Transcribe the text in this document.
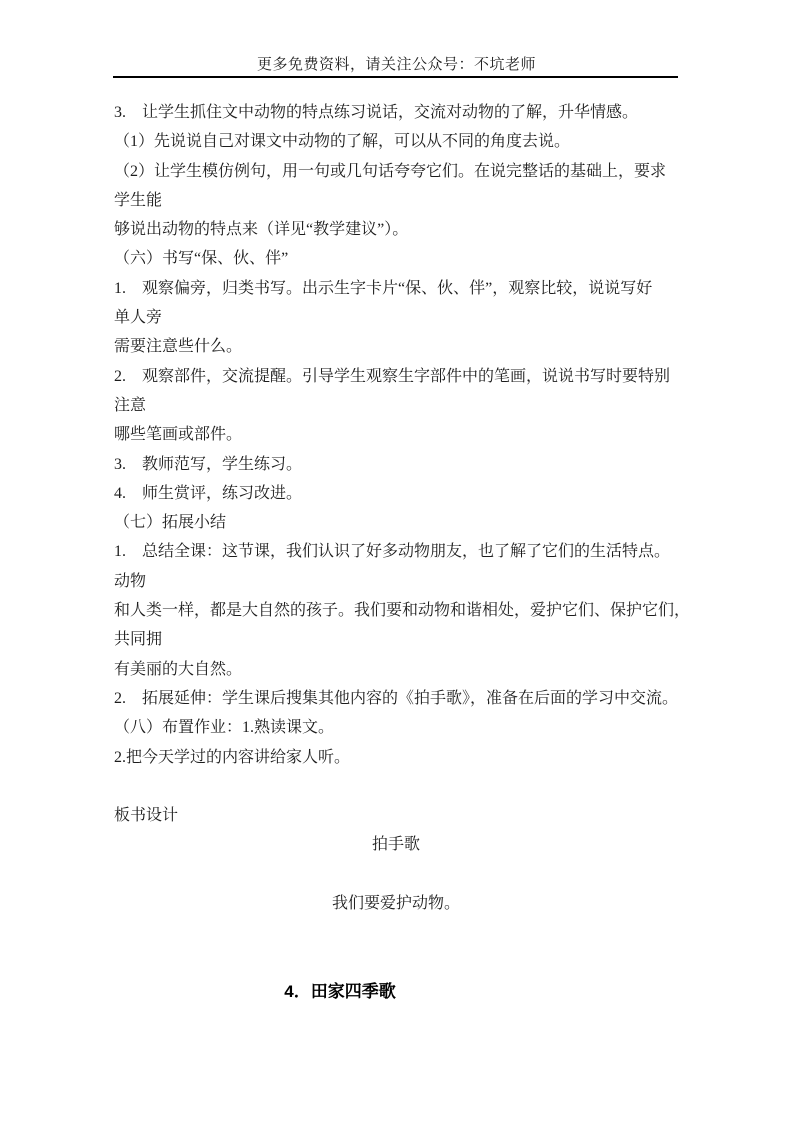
更多免费资料，请关注公众号：不坑老师
3.　让学生抓住文中动物的特点练习说话，交流对动物的了解，升华情感。
（1）先说说自己对课文中动物的了解，可以从不同的角度去说。
（2）让学生模仿例句，用一句或几句话夸夸它们。在说完整话的基础上，要求
学生能
够说出动物的特点来（详见“教学建议”）。
（六）书写“保、伙、伴”
1.　观察偏旁，归类书写。出示生字卡片“保、伙、伴”，观察比较，说说写好
单人旁
需要注意些什么。
2.　观察部件，交流提醒。引导学生观察生字部件中的笔画，说说书写时要特别
注意
哪些笔画或部件。
3.　教师范写，学生练习。
4.　师生赏评，练习改进。
（七）拓展小结
1.　总结全课：这节课，我们认识了好多动物朋友，也了解了它们的生活特点。
动物
和人类一样，都是大自然的孩子。我们要和动物和谐相处，爱护它们、保护它们，
共同拥
有美丽的大自然。
2.　拓展延伸：学生课后搜集其他内容的《拍手歌》，准备在后面的学习中交流。
（八）布置作业：1.熟读课文。
2.把今天学过的内容讲给家人听。
板书设计
拍手歌
我们要爱护动物。
4．田家四季歌
